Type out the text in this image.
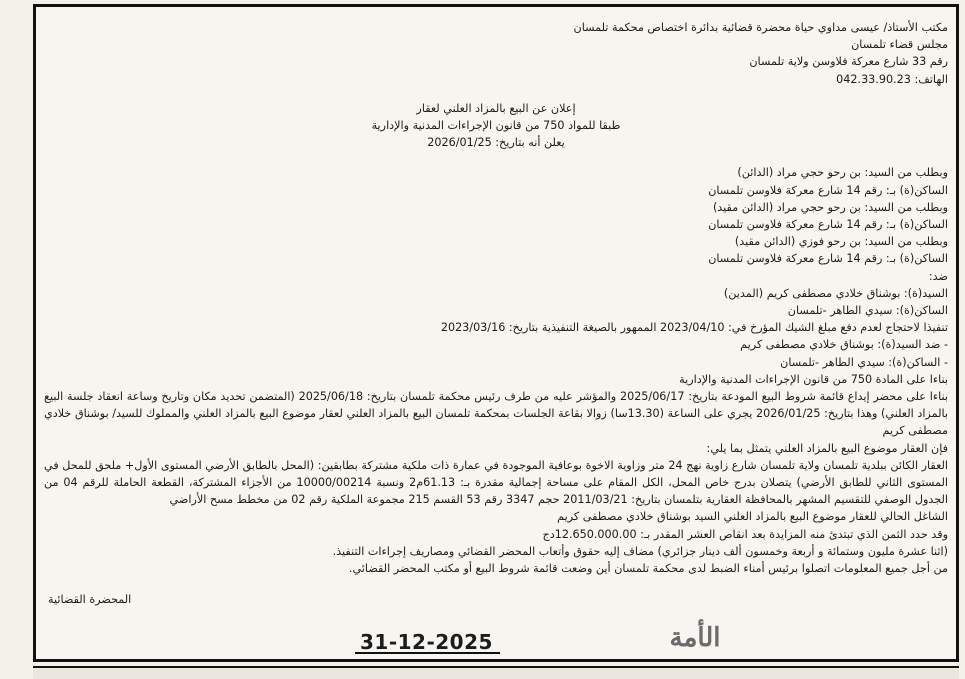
مكتب الأستاذ/ عيسى مداوي حياة محضرة قضائية بدائرة اختصاص محكمة تلمسان

مجلس قضاء تلمسان

رقم 33 شارع معركة فلاوسن ولاية تلمسان

الهاتف: 042.33.90.23

إعلان عن البيع بالمزاد العلني لعقار

طبقا للمواد 750 من قانون الإجراءات المدنية والإدارية

يعلن أنه بتاريخ: 2026/01/25

وبطلب من السيد: بن رحو حجي مراد (الدائن)

الساكن(ة) بـ: رقم 14 شارع معركة فلاوسن تلمسان

وبطلب من السيد: بن رحو حجي مراد (الدائن مقيد)

الساكن(ة) بـ: رقم 14 شارع معركة فلاوسن تلمسان

وبطلب من السيد: بن رحو فوزي (الدائن مقيد)

الساكن(ة) بـ: رقم 14 شارع معركة فلاوسن تلمسان

ضد:

السيد(ة): بوشناق خلادي مصطفى كريم (المدين)

الساكن(ة): سيدي الطاهر -تلمسان

تنفيذا لاحتجاج لعدم دفع مبلغ الشيك المؤرخ في: 2023/04/10 الممهور بالصيغة التنفيذية بتاريخ: 2023/03/16

- ضد السيد(ة): بوشناق خلادي مصطفى كريم

- الساكن(ة): سيدي الطاهر -تلمسان

بناءا على المادة 750 من قانون الإجراءات المدنية والإدارية

بناءا على محضر إيداع قائمة شروط البيع المودعة بتاريخ: 2025/06/17 والمؤشر عليه من طرف رئيس محكمة تلمسان بتاريخ: 2025/06/18 (المتضمن تحديد مكان وتاريخ وساعة انعقاد جلسة البيع بالمزاد العلني) وهذا بتاريخ: 2026/01/25 يجري على الساعة (13.30سا) زوالا بقاعة الجلسات بمحكمة تلمسان البيع بالمزاد العلني لعقار موضوع البيع بالمزاد العلني والمملوك للسيد/ بوشناق خلادي مصطفى كريم

فإن العقار موضوع البيع بالمزاد العلني يتمثل بما يلي:

العقار الكائن ببلدية تلمسان ولاية تلمسان شارع زاوية نهج 24 متر وزاوية الاخوة بوعافية الموجودة في عمارة ذات ملكية مشتركة بطابقين: (المحل بالطابق الأرضي المستوى الأول+ ملحق للمحل في المستوى الثاني للطابق الأرضي) يتصلان بدرج خاص المحل، الكل المقام على مساحة إجمالية مقدرة بـ: 61.13م2 ونسبة 10000/00214 من الأجزاء المشتركة، القطعة الحاملة للرقم 04 من الجدول الوصفي للتقسيم المشهر بالمحافظة العقارية بتلمسان بتاريخ: 2011/03/21 حجم 3347 رقم 53 القسم 215 مجموعة الملكية رقم 02 من مخطط مسح الأراضي

الشاغل الحالي للعقار موضوع البيع بالمزاد العلني السيد بوشناق خلادي مصطفى كريم

وقد حدد الثمن الذي تبتدئ منه المزايدة بعد انقاص العشر المقدر بـ: 12.650.000.00دج

(اثنا عشرة مليون وستمائة و أربعة وخمسون ألف دينار جزائري) مضاف إليه حقوق وأتعاب المحضر القضائي ومصاريف إجراءات التنفيذ.

من أجل جميع المعلومات اتصلوا برئيس أمناء الضبط لدى محكمة تلمسان أين وضعت قائمة شروط البيع أو مكتب المحضر القضائي.

المحضرة القضائية

الأمة
31-12-2025
